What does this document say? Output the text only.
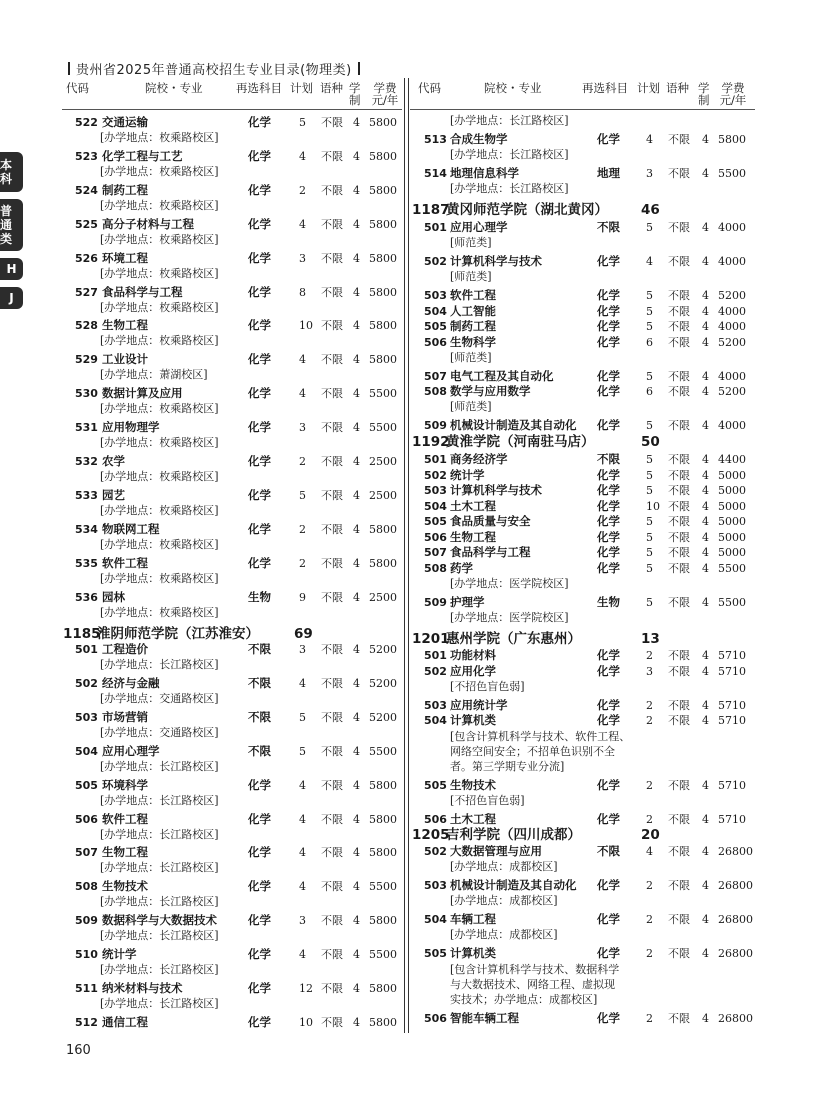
贵州省2025年普通高校招生专业目录(物理类)
本科
普通类
H
J
代码	院校・专业	再选科目 计划 语种 学制
学费元/年
代码	院校・专业	再选科目 计划 语种 学制
学费元/年
522 交通运输	化学	5 不限 4 5800
[办学地点：枚乘路校区]
523 化学工程与工艺	化学	4 不限 4 5800
[办学地点：枚乘路校区]
524 制药工程	化学	2 不限 4 5800
[办学地点：枚乘路校区]
525 高分子材料与工程	化学	4 不限 4 5800
[办学地点：枚乘路校区]
526 环境工程	化学	3 不限 4 5800
[办学地点：枚乘路校区]
527 食品科学与工程	化学	8 不限 4 5800
[办学地点：枚乘路校区]
528 生物工程	化学	10 不限 4 5800
[办学地点：枚乘路校区]
529 工业设计	化学	4 不限 4 5800
[办学地点：萧湖校区]
530 数据计算及应用	化学	4 不限 4 5500
[办学地点：枚乘路校区]
531 应用物理学	化学	3 不限 4 5500
[办学地点：枚乘路校区]
532 农学	化学	2 不限 4 2500
[办学地点：枚乘路校区]
533 园艺	化学	5 不限 4 2500
[办学地点：枚乘路校区]
534 物联网工程	化学	2 不限 4 5800
[办学地点：枚乘路校区]
535 软件工程	化学	2 不限 4 5800
[办学地点：枚乘路校区]
536 园林	生物	9 不限 4 2500
[办学地点：枚乘路校区]
1185
淮阴师范学院（江苏淮安）	69
501 工程造价	不限	3 不限 4 5200
[办学地点：长江路校区]
502 经济与金融	不限	4 不限 4 5200
[办学地点：交通路校区]
503 市场营销	不限	5 不限 4 5200
[办学地点：交通路校区]
504 应用心理学	不限	5 不限 4 5500
[办学地点：长江路校区]
505 环境科学	化学	4 不限 4 5800
[办学地点：长江路校区]
506 软件工程	化学	4 不限 4 5800
[办学地点：长江路校区]
507 生物工程	化学	4 不限 4 5800
[办学地点：长江路校区]
508 生物技术	化学	4 不限 4 5500
[办学地点：长江路校区]
509 数据科学与大数据技术	化学	3 不限 4 5800
[办学地点：长江路校区]
510 统计学	化学	4 不限 4 5500
[办学地点：长江路校区]
511 纳米材料与技术	化学	12 不限 4 5800
[办学地点：长江路校区]
512 通信工程	化学	10 不限 4 5800
[办学地点：长江路校区]
513 合成生物学	化学 4 不限 4 5800
[办学地点：长江路校区]
514 地理信息科学	地理 3 不限 4 5500
[办学地点：长江路校区]
1187
黄冈师范学院（湖北黄冈） 46
501 应用心理学	不限 5 不限 4 4000
[师范类]
502 计算机科学与技术	化学 4 不限 4 4000
[师范类]
503 软件工程	化学 5 不限 4 5200
504 人工智能	化学 5 不限 4 4000
505 制药工程	化学 5 不限 4 4000
506 生物科学	化学 6 不限 4 5200
[师范类]
507 电气工程及其自动化	化学 5 不限 4 4000
508 数学与应用数学	化学 6 不限 4 5200
[师范类]
509 机械设计制造及其自动化 化学 5 不限 4 4000
1192
黄淮学院（河南驻马店）	50
501 商务经济学	不限 5 不限 4 4400
502 统计学	化学 5 不限 4 5000
503 计算机科学与技术	化学 5 不限 4 5000
504 土木工程	化学 10 不限 4 5000
505 食品质量与安全	化学 5 不限 4 5000
506 生物工程	化学 5 不限 4 5000
507 食品科学与工程	化学 5 不限 4 5000
508 药学	化学 5 不限 4 5500
[办学地点：医学院校区]
509 护理学	生物 5 不限 4 5500
[办学地点：医学院校区]
1201
惠州学院（广东惠州）	13
501 功能材料	化学 2 不限 4 5710
502 应用化学	化学 3 不限 4 5710
[不招色盲色弱]
503 应用统计学	化学 2 不限 4 5710
504 计算机类	化学 2 不限 4 5710
[包含计算机科学与技术、软件工程、
网络空间安全；不招单色识别不全
者。第三学期专业分流]
505 生物技术	化学 2 不限 4 5710
[不招色盲色弱]
506 土木工程	化学 2 不限 4 5710
1205
吉利学院（四川成都）	20
502 大数据管理与应用	不限 4 不限 4 26800
[办学地点：成都校区]
503 机械设计制造及其自动化 化学 2 不限 4 26800
[办学地点：成都校区]
504 车辆工程	化学 2 不限 4 26800
[办学地点：成都校区]
505 计算机类	化学 2 不限 4 26800
[包含计算机科学与技术、数据科学
与大数据技术、网络工程、虚拟现
实技术；办学地点：成都校区]
506 智能车辆工程	化学 2 不限 4 26800
160
